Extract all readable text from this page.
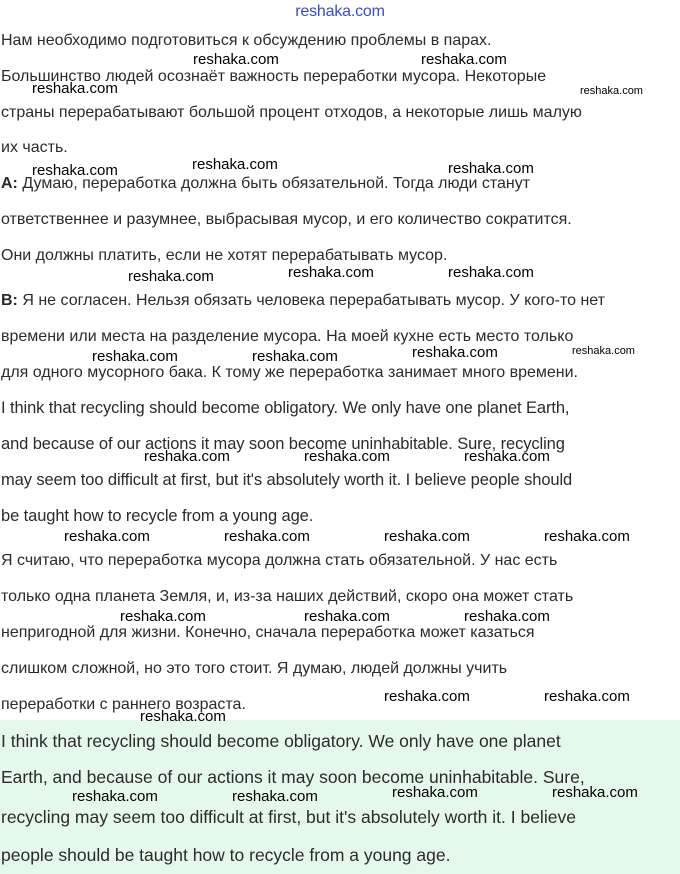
reshaka.com
Нам необходимо подготовиться к обсуждению проблемы в парах.
Большинство людей осознаёт важность переработки мусора. Некоторые
страны перерабатывают большой процент отходов, а некоторые лишь малую
их часть.
A: Думаю, переработка должна быть обязательной. Тогда люди станут
ответственнее и разумнее, выбрасывая мусор, и его количество сократится.
Они должны платить, если не хотят перерабатывать мусор.
B: Я не согласен. Нельзя обязать человека перерабатывать мусор. У кого-то нет
времени или места на разделение мусора. На моей кухне есть место только
для одного мусорного бака. К тому же переработка занимает много времени.
I think that recycling should become obligatory. We only have one planet Earth,
and because of our actions it may soon become uninhabitable. Sure, recycling
may seem too difficult at first, but it's absolutely worth it. I believe people should
be taught how to recycle from a young age.
Я считаю, что переработка мусора должна стать обязательной. У нас есть
только одна планета Земля, и, из-за наших действий, скоро она может стать
непригодной для жизни. Конечно, сначала переработка может казаться
слишком сложной, но это того стоит. Я думаю, людей должны учить
переработки с раннего возраста.
I think that recycling should become obligatory. We only have one planet
Earth, and because of our actions it may soon become uninhabitable. Sure,
recycling may seem too difficult at first, but it's absolutely worth it. I believe
people should be taught how to recycle from a young age.
reshaka.com	reshaka.com
reshaka.com	reshaka.com
reshaka.com	reshaka.com	reshaka.com
reshaka.com	reshaka.com	reshaka.com
reshaka.com	reshaka.com	reshaka.com	reshaka.com
reshaka.com	reshaka.com	reshaka.com
reshaka.com	reshaka.com	reshaka.com	reshaka.com
reshaka.com	reshaka.com	reshaka.com
reshaka.com	reshaka.com
reshaka.com
reshaka.com	reshaka.com	reshaka.com	reshaka.com
